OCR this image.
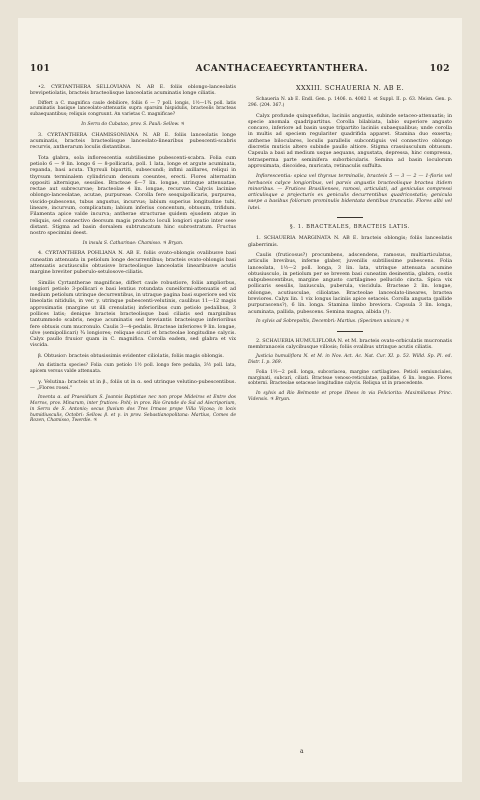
101	ACANTHACEAE:
CYRTANTHERA.	102

•2. CYRTANTHERA SELLOVIANA N. AB E. foliis oblongo-lanceolatis brevipetiolatis, bracteis bracteolisque lanceolatis acuminatis longe ciliatis.

Differt a C. magnifica caule debiliore, foliis 6 — 7 poll. longis, 1½—1¾ poll. latis acuminatis basique lanceolato-attenuatis supra sparsim hispidulis, bracteolis bracteas subaequantibus; reliquis congruunt. An varietas C. magnificae?

In Serra do Cubatao, prov. S. Pauli: Sellow. ♃

3. CYRTANTHERA CHAMISSONIANA N. AB E. foliis lanceolatis longe acuminatis, bracteis bracteolisque lanceolato-linearibus pubescenti-scabris recurvis, antherarum loculis distantibus.

Tota glabra, sola inflorescentia subtilissime pubescenti-scabra. Folia cum petiolo 6 — 9 lin. longo 6 — 8-pollicaria, poll. 1 lata, longe et argute acuminata, repanda, basi acuta. Thyrsuli bipartiti, subsecundi; infimi axillares, reliqui in thyrsum terminalem cylindricum densum coeuntes, erecti. Flores alternatim oppositi alternique, sessiles. Bracteae 6—7 lin. longae, utrinque attenuatae, rectae aut subrecurvae; bracteolae 4 lin. longae, recurvae. Calycis laciniae oblongo-lanceolatae, acutae, purpureae. Corolla fere sesquipollicaris, purpurea, viscido-pubescens, tubus angustus, incurvus; labium superius longitudine tubi, lineare, incurvum, complicatum; labium inferius concentum, obtusum, trifidum. Filamenta apice valde incurva; antherae structurae quidem ejusdem atque in reliquis, sed connectivo deorsum magis producto loculi longiori spatio inter sese distant. Stigma ad basin dorsalem subtruncatum hinc subrostratum. Fructus nostro specimini deest.

In insula S. Catharinae: Chamisso. ♃ Bryan.

4. CYRTANTHERA POHLIANA N. AB E. foliis ovato-oblongis ovalibusve basi cuneatim attenuata in petiolum longe decurrentibus; bracteis ovato-oblongis basi attenuatis acutiusculis obtusisve bracteolisque lanceolatis linearibusve acutis margine breviter puberulo-setulosove-ciliatis.

Similis Cyrtantherae magnificae, differt caule robustiore, foliis ampliorbus, longiori petiolo 3-pollicari e basi lentius rotundata cuneiformi-attenuatis et ad medium petiolum utrinque decurrentibus, in utraque pagina basi superiore sed vix lineolatis nitidulis, in ver. y. utrinque pubescenti-velutinis, caulibus 11—12 magis approximatis (margine ut illi crenulatis) inferioribus cum petiolo pedalibus, 3 pollices latis; denique bracteis bracteolisque basi ciliatis sed marginibus tantummodo scabris, neque acuminatis sed breviantis bracteisque inferioribus fere obtusis cum mucronulo. Caulis 3—4-pedalis. Bracteae inferiores 9 lin. longae, ulve (semipollicari) ¾ longiores; reliquae sicuti et bracteolae longitudine calycis. Calyx paullo fruuior quam in C. magnifica. Corolla eadem, sed glabra et vix viscida.

β. Obtusior: bracteis obtusissimis evidenter ciliolatis, foliis magis oblongis.

An distincta species? Folia cum petiolo 1½ poll. longo fere pedalia, 3½ poll. lata, apicem versus valde attenuata.

γ. Velutina: bracteis ut in β., foliis ut in α. sed utrinque velutino-pubescentibus. — „Flores rosei."

Inventa α. ad Praesidium S. Joannis Baptistae nec non prope Mideiros et Entre dos Morros, prov. Minarum, inter frutices: Pohl; in prov. Rio Grande do Sul ad Alecriporium, in Serra de S. Antonio; secus fluvium dos Tres Irmaos prope Villa Viçosa; in locis humidiusculis, Octobri: Sellow. β. et γ. in prov. Sebastianopolitana: Martius, Comes de Rozen, Chamisso, Twerdie. ♃

XXXIII. SCHAUERIA N. AB E.

Schaueria N. ab E. Endl. Gen. p. 1406. n. 4082 I. et Suppl. II. p. 63. Meisn. Gen. p. 296. (204. 367.)

Calyx profunde quinquefidus, laciniis angustis, subinde setaceo-attenuatis; in specie anomala quadripartitus. Corolla bilabiata, labio superiore angusto concavo, inferiore ad basin usque tripartito laciniis subaequalibus; unde corolla in multis ad speciem regulariter quadrifida apparet. Stamina duo exserta; antherae biloculares, loculis parallelis subcontiguis vel connectivo oblongo discretis muticis altero subinde paullo altiore. Stigma crassiusculum obtusum. Capsula a basi ad medium usque aequans, angustata, depressa, hinc compressa, tetrasperma parte seminifera suborbicularis. Semina ad basin loculorum approximata, discoidea, muricata, retinaculis suffulta.

Inflorescentia: spica vel thyrsus terminalis, bracteis 5 — 3 — 2 — 1-floris vel herbaceis calyce longioribus, vel parvis angustis bracteolisque bractea itidem minoribus. — Frutices Brasilienses, ramosi, articulati, ad geniculas compressi articulisque a projecturis ex geniculis decurrentibus quadricostatis; genicula saepe a basibus foliorum prominulis bidentata dentibus truncatis. Flores albi vel lutei.

§. 1. BRACTEALES, BRACTEIS LATIS.

1. SCHAUERIA MARGINATA N. AB E. bracteis oblongis; foliis lanceolatis glaberrimis.

Caulis (fruticosus?) procumbens, adscendens, ramosus, multiarticulatus, articulis brevibus, inferne glaber, juvenilis subtilissime pubescens. Folia lanceolata, 1½—2 poll. longa, 3 lin. lata, utrinque attenuata acumine obtusiusculo, in petiolum per se brevem basi cuneatim desinentia, glabra, costis subpubescentibus, margine angusto cartilagineo pellucido cincta. Spica vix pollicaris sessilis, laxiuscula, puberula, viscidula. Bracteae 2 lin. longae, oblongae, acutiusculae, ciliolatae. Bracteolae lanceolato-lineares, bractea breviores. Calyx lin. 1 vix longus laciniis apice setaceis. Corolla angusta (pallide purpurascens?), 6 lin. longa. Stamina limbo breviora. Capsula 3 lin. longa, acuminata, pallida, pubescens. Semina magna, albida (?).

In sylvis ad Sobrepoltis, Decembri: Martius. (Specimen unicum.) ♃

2. SCHAUERIA HUMULIFLORA N. et M. bracteis ovato-orbiculatis mucronatis membranaceis calycibusque villosis; foliis ovalibus utrinque acutis ciliatis.

Justicia humuliflora N. et M. in Nov. Act. Ac. Nat. Cur. XI. p. 53. Willd. Sp. Pl. ed. Distr. I. p. 369.

Folia 1½—2 poll. longa, subcoriacea, margine cartilagineo. Petioli semiunciales, marginati, subcari, ciliati. Bracteae venoso-reticulatae, pallidae, 6 lin. longae. Flores sobterni. Bracteolae setaceae longitudine calycis. Reliqua ut in praecedente.

In sylvis ad Rio Belmonte et prope Ilheos in via Feliciorita: Maximilianus Princ. Vidensis. ♃ Bryan.

a
